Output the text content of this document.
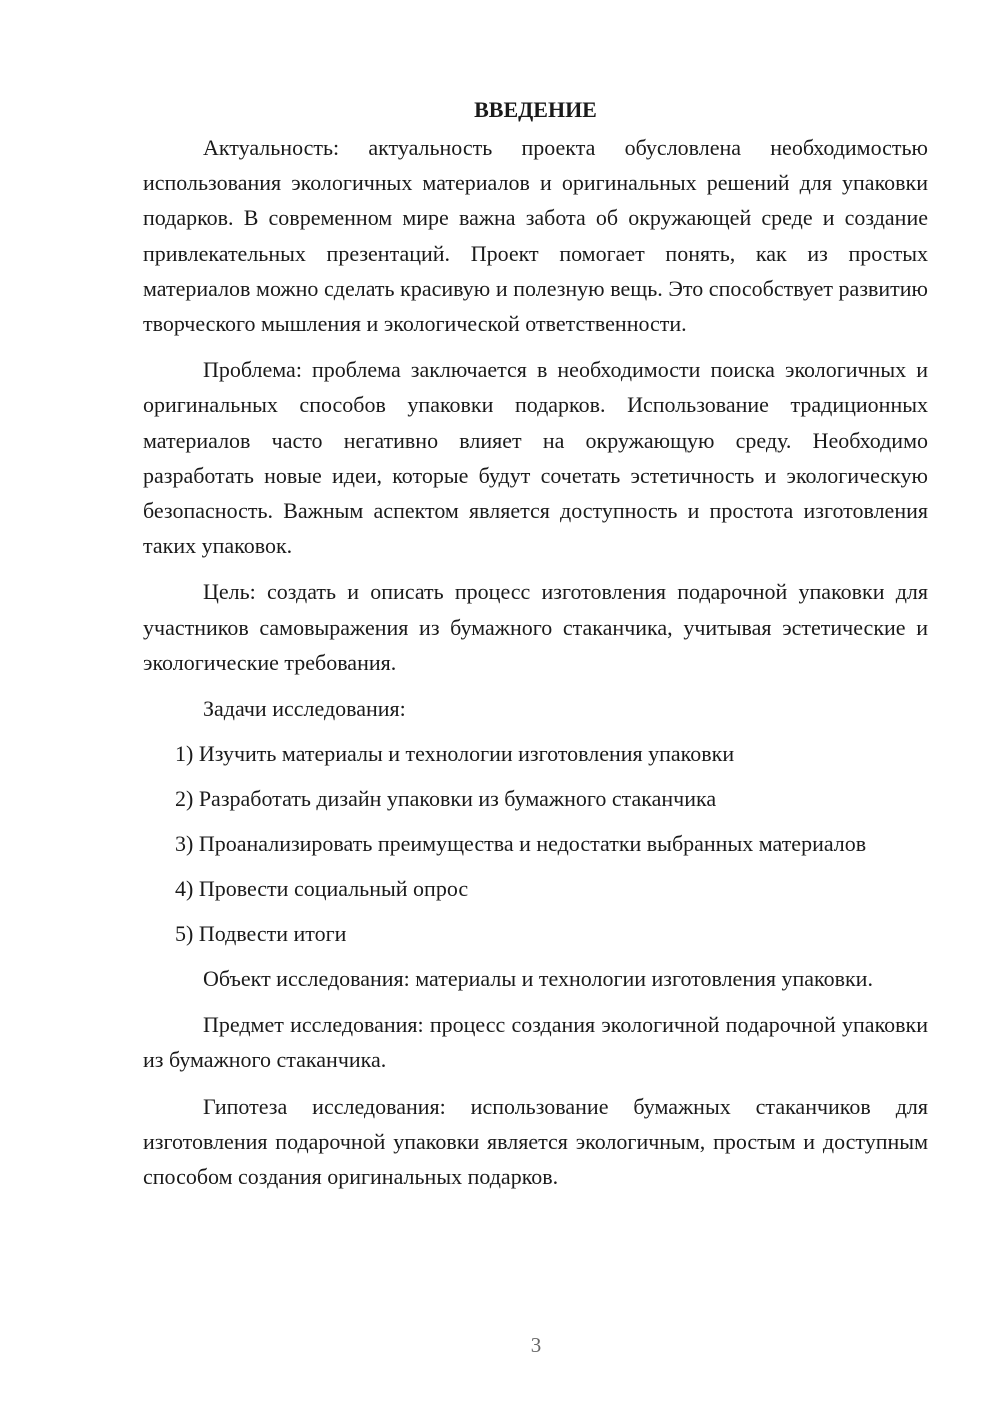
ВВЕДЕНИЕ

Актуальность: актуальность проекта обусловлена необходимостью использования экологичных материалов и оригинальных решений для упаковки подарков. В современном мире важна забота об окружающей среде и создание привлекательных презентаций. Проект помогает понять, как из простых материалов можно сделать красивую и полезную вещь. Это способствует развитию творческого мышления и экологической ответственности.

Проблема: проблема заключается в необходимости поиска экологичных и оригинальных способов упаковки подарков. Использование традиционных материалов часто негативно влияет на окружающую среду. Необходимо разработать новые идеи, которые будут сочетать эстетичность и экологическую безопасность. Важным аспектом является доступность и простота изготовления таких упаковок.

Цель: создать и описать процесс изготовления подарочной упаковки для участников самовыражения из бумажного стаканчика, учитывая эстетические и экологические требования.

Задачи исследования:

1) Изучить материалы и технологии изготовления упаковки

2) Разработать дизайн упаковки из бумажного стаканчика

3) Проанализировать преимущества и недостатки выбранных материалов

4) Провести социальный опрос

5) Подвести итоги

Объект исследования: материалы и технологии изготовления упаковки.

Предмет исследования: процесс создания экологичной подарочной упаковки из бумажного стаканчика.

Гипотеза исследования: использование бумажных стаканчиков для изготовления подарочной упаковки является экологичным, простым и доступным способом создания оригинальных подарков.

3
